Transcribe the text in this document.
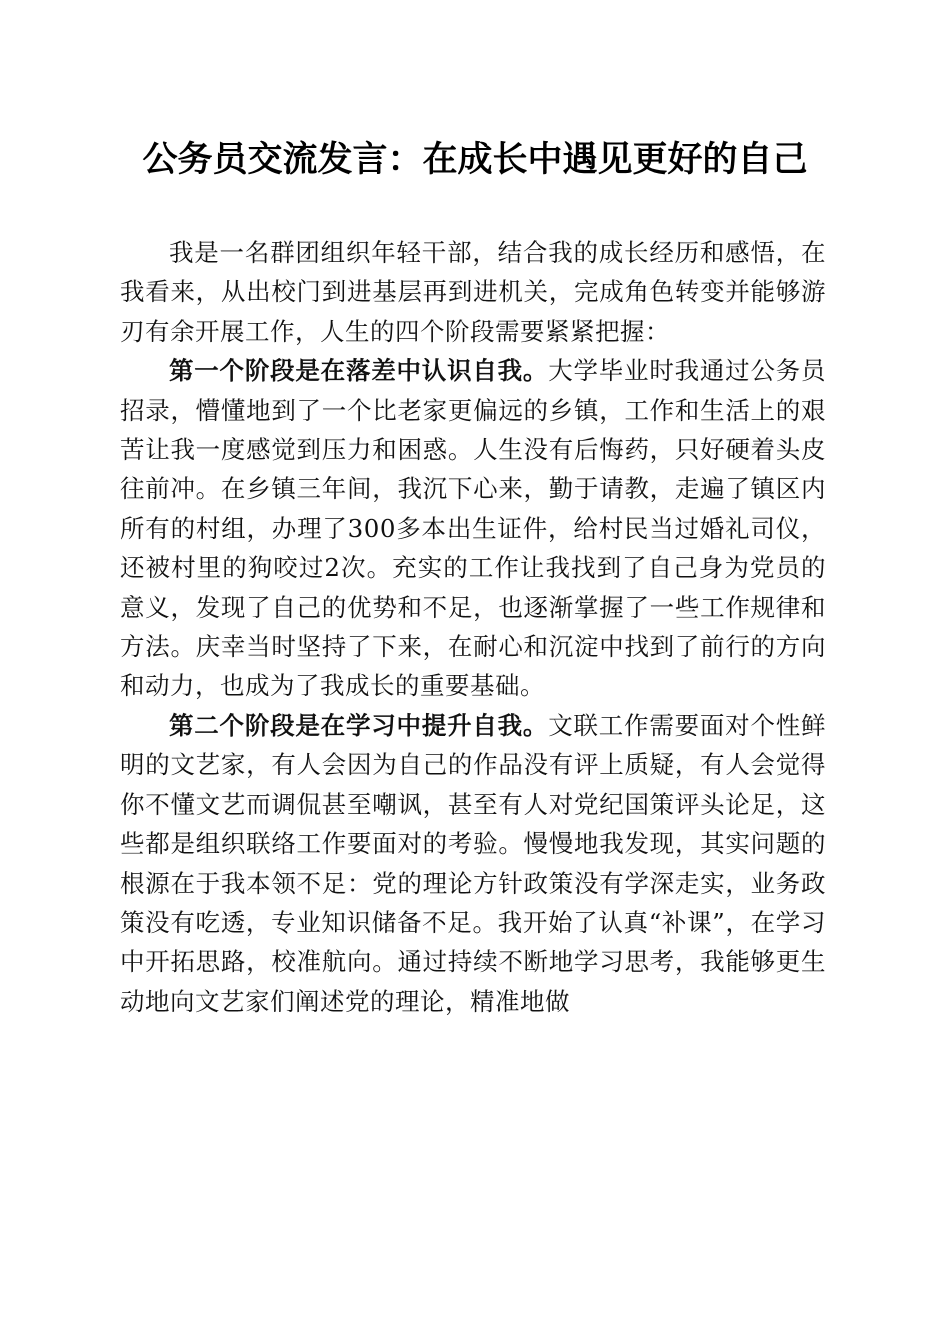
公务员交流发言：在成长中遇见更好的自己

我是一名群团组织年轻干部，结合我的成长经历和感悟，在我看来，从出校门到进基层再到进机关，完成角色转变并能够游刃有余开展工作，人生的四个阶段需要紧紧把握：

第一个阶段是在落差中认识自我。大学毕业时我通过公务员招录，懵懂地到了一个比老家更偏远的乡镇，工作和生活上的艰苦让我一度感觉到压力和困惑。人生没有后悔药，只好硬着头皮往前冲。在乡镇三年间，我沉下心来，勤于请教，走遍了镇区内所有的村组，办理了300多本出生证件，给村民当过婚礼司仪，还被村里的狗咬过2次。充实的工作让我找到了自己身为党员的意义，发现了自己的优势和不足，也逐渐掌握了一些工作规律和方法。庆幸当时坚持了下来，在耐心和沉淀中找到了前行的方向和动力，也成为了我成长的重要基础。

第二个阶段是在学习中提升自我。文联工作需要面对个性鲜明的文艺家，有人会因为自己的作品没有评上质疑，有人会觉得你不懂文艺而调侃甚至嘲讽，甚至有人对党纪国策评头论足，这些都是组织联络工作要面对的考验。慢慢地我发现，其实问题的根源在于我本领不足：党的理论方针政策没有学深走实，业务政策没有吃透，专业知识储备不足。我开始了认真“补课”，在学习中开拓思路，校准航向。通过持续不断地学习思考，我能够更生动地向文艺家们阐述党的理论，精准地做
